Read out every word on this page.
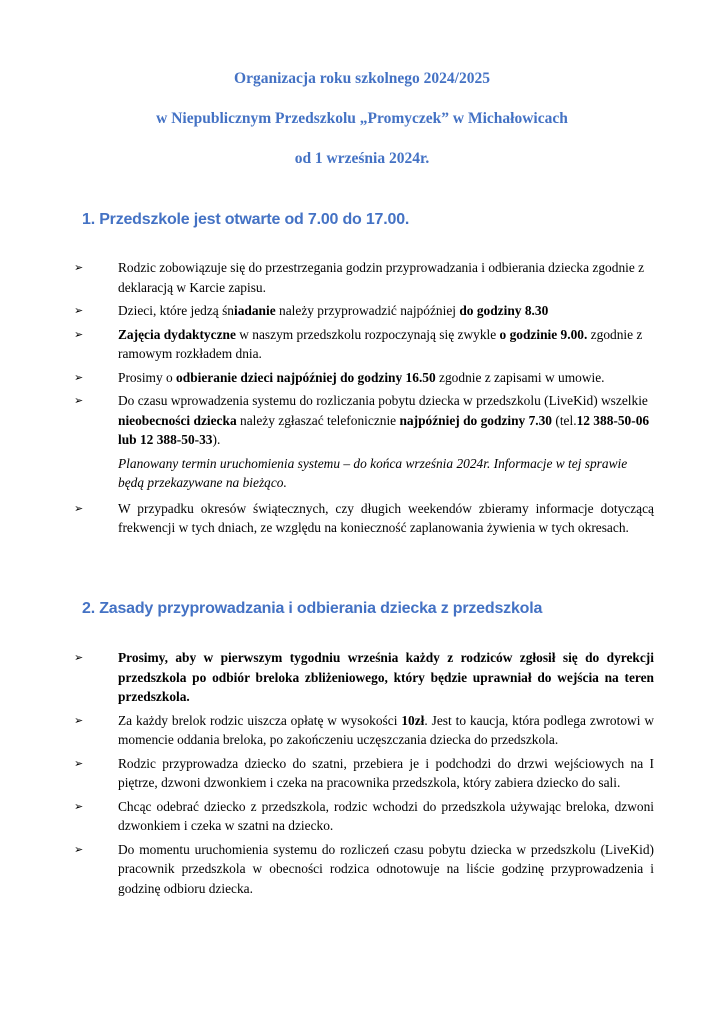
Organizacja roku szkolnego 2024/2025
w Niepublicznym Przedszkolu „Promyczek” w Michałowicach
od 1 września 2024r.
1. Przedszkole jest otwarte od 7.00 do 17.00.
➢	Rodzic zobowiązuje się do przestrzegania godzin przyprowadzania i odbierania dziecka zgodnie z deklaracją w Karcie zapisu.
➢	Dzieci, które jedzą śniadanie należy przyprowadzić najpóźniej do godziny 8.30
➢	Zajęcia dydaktyczne w naszym przedszkolu rozpoczynają się zwykle o godzinie 9.00. zgodnie z ramowym rozkładem dnia.
➢	Prosimy o odbieranie dzieci najpóźniej do godziny 16.50 zgodnie z zapisami w umowie.
➢	Do czasu wprowadzenia systemu do rozliczania pobytu dziecka w przedszkolu (LiveKid) wszelkie nieobecności dziecka należy zgłaszać telefonicznie najpóźniej do godziny 7.30 (tel.12 388-50-06 lub 12 388-50-33).
Planowany termin uruchomienia systemu – do końca września 2024r. Informacje w tej sprawie będą przekazywane na bieżąco.
➢	W przypadku okresów świątecznych, czy długich weekendów zbieramy informacje dotyczącą frekwencji w tych dniach, ze względu na konieczność zaplanowania żywienia w tych okresach.
2. Zasady przyprowadzania i odbierania dziecka z przedszkola
➢	Prosimy, aby w pierwszym tygodniu września każdy z rodziców zgłosił się do dyrekcji przedszkola po odbiór breloka zbliżeniowego, który będzie uprawniał do wejścia na teren przedszkola.
➢	Za każdy brelok rodzic uiszcza opłatę w wysokości 10zł. Jest to kaucja, która podlega zwrotowi w momencie oddania breloka, po zakończeniu uczęszczania dziecka do przedszkola.
➢	Rodzic przyprowadza dziecko do szatni, przebiera je i podchodzi do drzwi wejściowych na I piętrze, dzwoni dzwonkiem i czeka na pracownika przedszkola, który zabiera dziecko do sali.
➢	Chcąc odebrać dziecko z przedszkola, rodzic wchodzi do przedszkola używając breloka, dzwoni dzwonkiem i czeka w szatni na dziecko.
➢	Do momentu uruchomienia systemu do rozliczeń czasu pobytu dziecka w przedszkolu (LiveKid) pracownik przedszkola w obecności rodzica odnotowuje na liście godzinę przyprowadzenia i godzinę odbioru dziecka.
